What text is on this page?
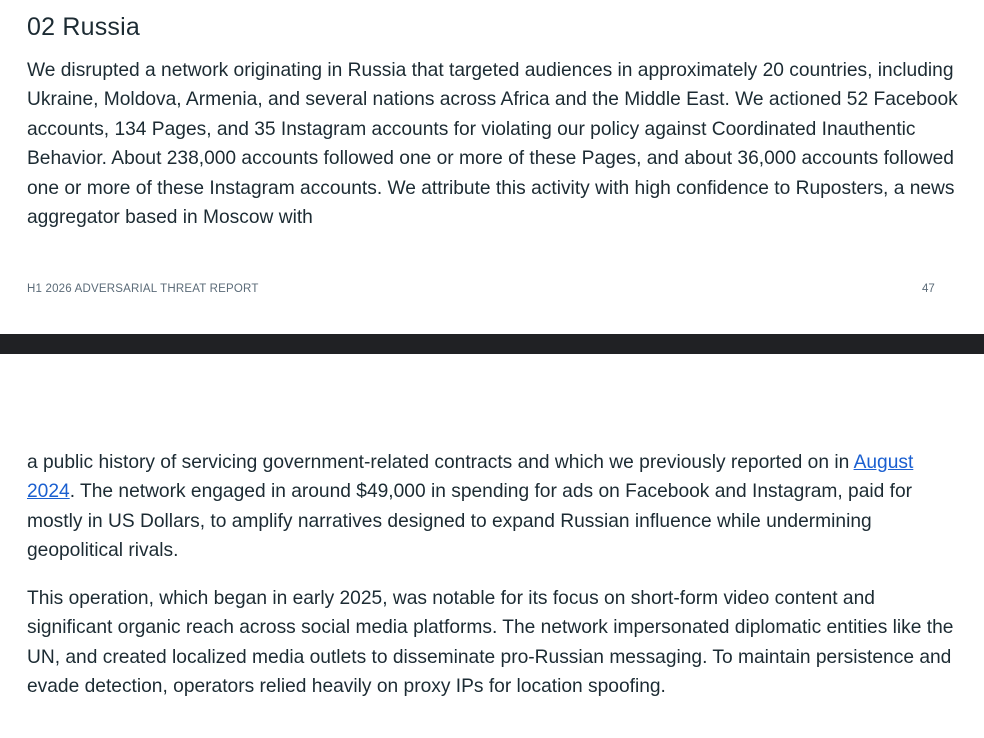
02 Russia

We disrupted a network originating in Russia that targeted audiences in approximately 20 countries, including Ukraine, Moldova, Armenia, and several nations across Africa and the Middle East. We actioned 52 Facebook accounts, 134 Pages, and 35 Instagram accounts for violating our policy against Coordinated Inauthentic Behavior. About 238,000 accounts followed one or more of these Pages, and about 36,000 accounts followed one or more of these Instagram accounts. We attribute this activity with high confidence to Ruposters, a news aggregator based in Moscow with

H1 2026 ADVERSARIAL THREAT REPORT	47

a public history of servicing government-related contracts and which we previously reported on in August 2024. The network engaged in around $49,000 in spending for ads on Facebook and Instagram, paid for mostly in US Dollars, to amplify narratives designed to expand Russian influence while undermining geopolitical rivals.

This operation, which began in early 2025, was notable for its focus on short-form video content and significant organic reach across social media platforms. The network impersonated diplomatic entities like the UN, and created localized media outlets to disseminate pro-Russian messaging. To maintain persistence and evade detection, operators relied heavily on proxy IPs for location spoofing.
